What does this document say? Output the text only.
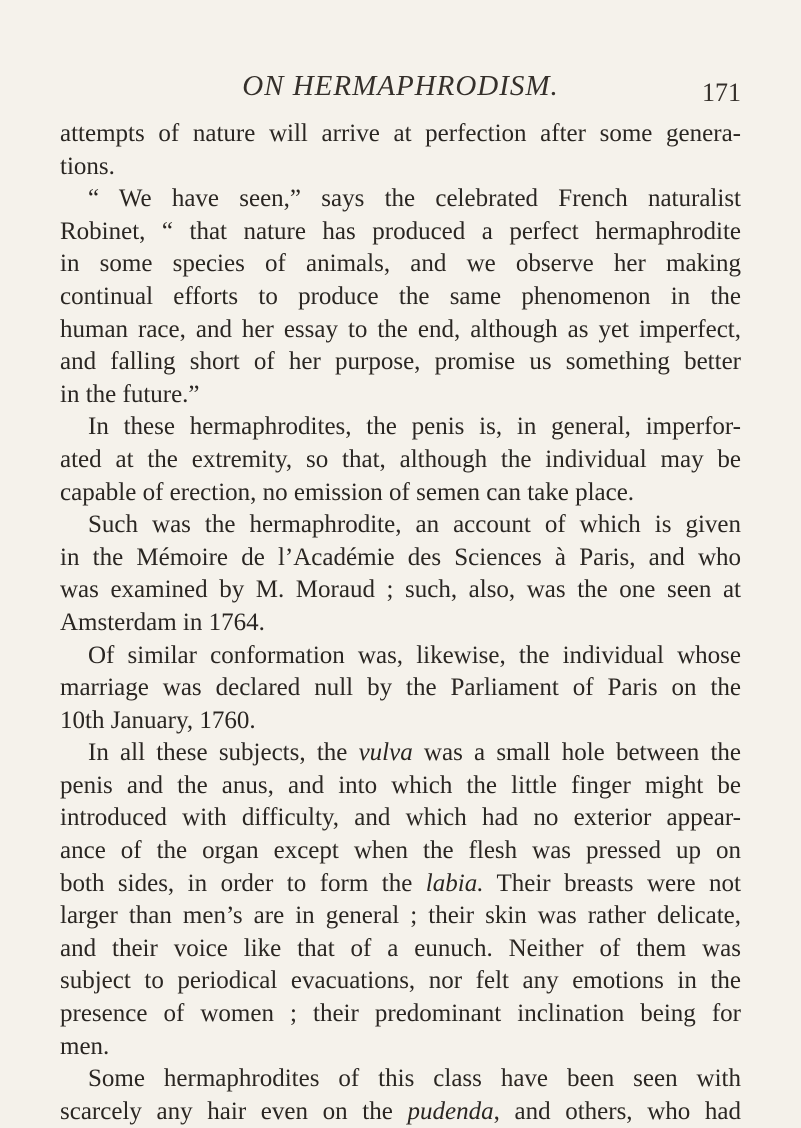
ON HERMAPHRODISM.	171

attempts of nature will arrive at perfection after some genera-
tions.

“ We have seen,” says the celebrated French naturalist
Robinet, “ that nature has produced a perfect hermaphrodite
in some species of animals, and we observe her making
continual efforts to produce the same phenomenon in the
human race, and her essay to the end, although as yet imperfect,
and falling short of her purpose, promise us something better
in the future.”

In these hermaphrodites, the penis is, in general, imperfor-
ated at the extremity, so that, although the individual may be
capable of erection, no emission of semen can take place.

Such was the hermaphrodite, an account of which is given
in the Mémoire de l’Académie des Sciences à Paris, and who
was examined by M. Moraud ; such, also, was the one seen at
Amsterdam in 1764.

Of similar conformation was, likewise, the individual whose
marriage was declared null by the Parliament of Paris on the
10th January, 1760.

In all these subjects, the vulva was a small hole between the
penis and the anus, and into which the little finger might be
introduced with difficulty, and which had no exterior appear-
ance of the organ except when the flesh was pressed up on
both sides, in order to form the labia. Their breasts were not
larger than men’s are in general ; their skin was rather delicate,
and their voice like that of a eunuch. Neither of them was
subject to periodical evacuations, nor felt any emotions in the
presence of women ; their predominant inclination being for
men.

Some hermaphrodites of this class have been seen with
scarcely any hair even on the pudenda, and others, who had
